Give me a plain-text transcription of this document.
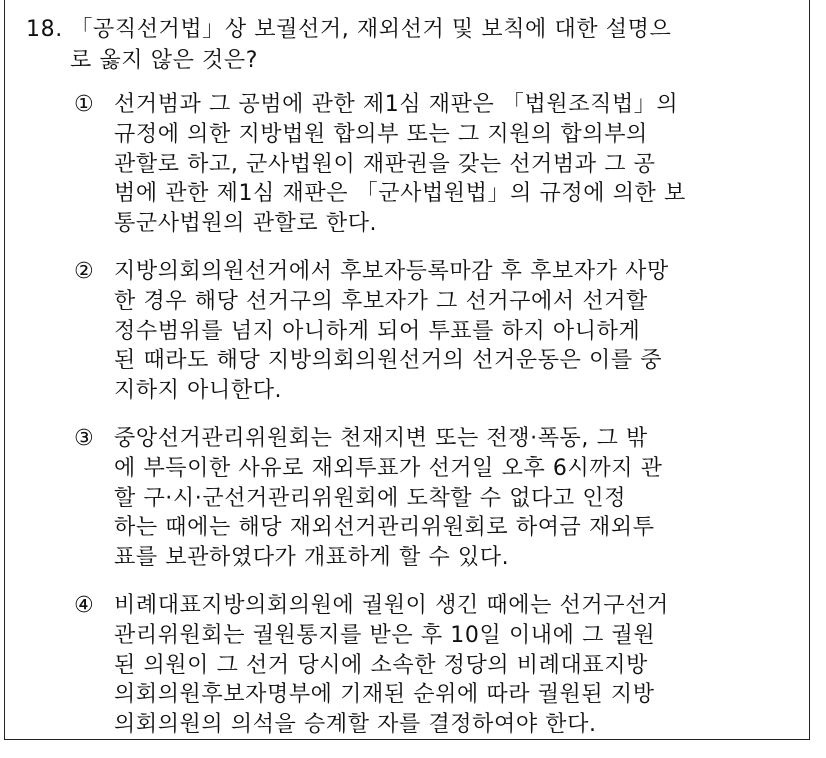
18. 「공직선거법」상 보궐선거, 재외선거 및 보칙에 대한 설명으
로 옳지 않은 것은?
① 선거범과 그 공범에 관한 제1심 재판은 「법원조직법」의
규정에 의한 지방법원 합의부 또는 그 지원의 합의부의
관할로 하고, 군사법원이 재판권을 갖는 선거범과 그 공
범에 관한 제1심 재판은 「군사법원법」의 규정에 의한 보
통군사법원의 관할로 한다.
② 지방의회의원선거에서 후보자등록마감 후 후보자가 사망
한 경우 해당 선거구의 후보자가 그 선거구에서 선거할
정수범위를 넘지 아니하게 되어 투표를 하지 아니하게
된 때라도 해당 지방의회의원선거의 선거운동은 이를 중
지하지 아니한다.
③ 중앙선거관리위원회는 천재지변 또는 전쟁·폭동, 그 밖
에 부득이한 사유로 재외투표가 선거일 오후 6시까지 관
할 구·시·군선거관리위원회에 도착할 수 없다고 인정
하는 때에는 해당 재외선거관리위원회로 하여금 재외투
표를 보관하였다가 개표하게 할 수 있다.
④ 비례대표지방의회의원에 궐원이 생긴 때에는 선거구선거
관리위원회는 궐원통지를 받은 후 10일 이내에 그 궐원
된 의원이 그 선거 당시에 소속한 정당의 비례대표지방
의회의원후보자명부에 기재된 순위에 따라 궐원된 지방
의회의원의 의석을 승계할 자를 결정하여야 한다.
